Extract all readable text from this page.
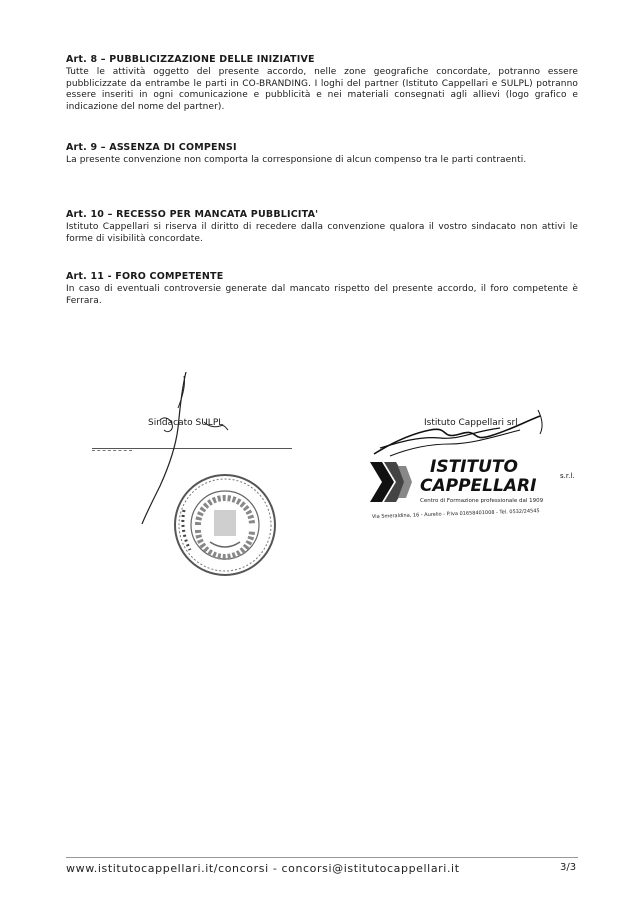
Art. 8 – PUBBLICIZZAZIONE DELLE INIZIATIVE

Tutte le attività oggetto del presente accordo, nelle zone geografiche concordate, potranno essere pubblicizzate da entrambe le parti in CO-BRANDING. I loghi del partner (Istituto Cappellari e SULPL) potranno essere inseriti in ogni comunicazione e pubblicità e nei materiali consegnati agli allievi (logo grafico e indicazione del nome del partner).

Art. 9 – ASSENZA DI COMPENSI

La presente convenzione non comporta la corresponsione di alcun compenso tra le parti contraenti.

Art. 10 – RECESSO PER MANCATA PUBBLICITA'

Istituto Cappellari si riserva il diritto di recedere dalla convenzione qualora il vostro sindacato non attivi le forme di visibilità concordate.

Art. 11 - FORO COMPETENTE

In caso di eventuali controversie generate dal mancato rispetto del presente accordo, il foro competente è Ferrara.

Sindacato SULPL	Istituto Cappellari srl
ISTITUTO
CAPPELLARI	s.r.l.
Centro di Formazione professionale dal 1909
Via Smeraldina, 16 - Aurelio - P.Iva 01658401008 - Tel. 0532/24545
www.istitutocappellari.it/concorsi - concorsi@istitutocappellari.it	3/3
